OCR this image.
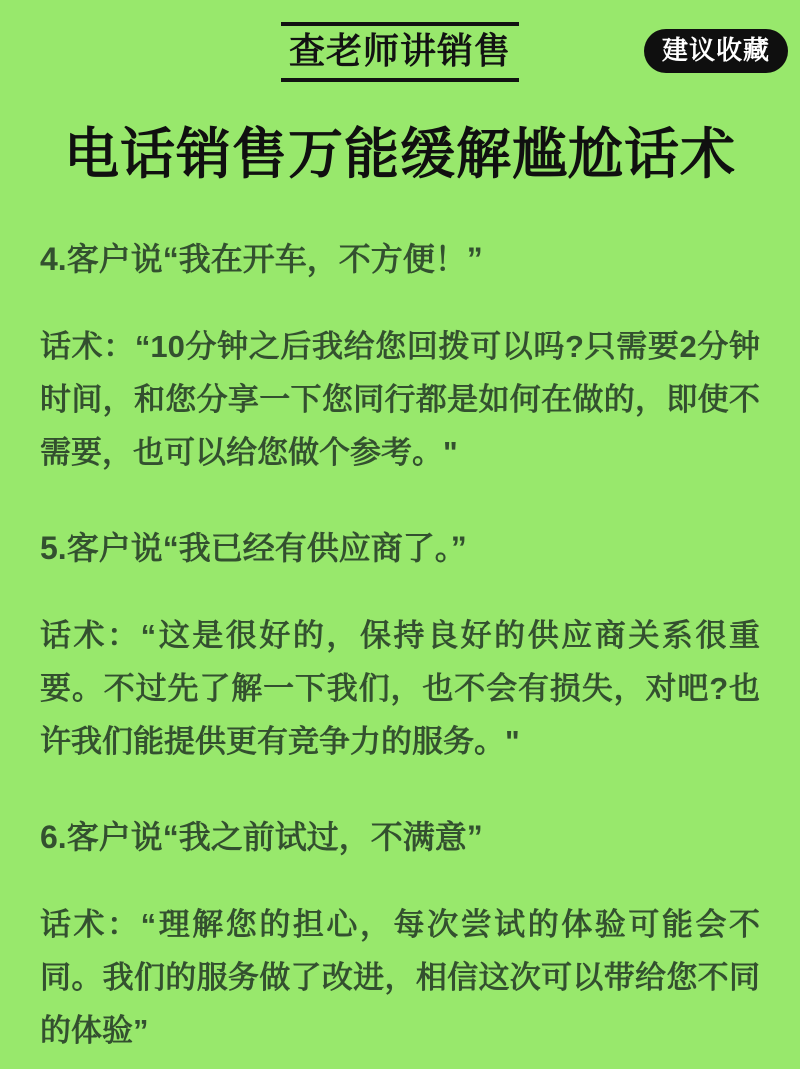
查老师讲销售	建议收藏
电话销售万能缓解尴尬话术
4.客户说“我在开车，不方便！”

话术：“10分钟之后我给您回拨可以吗?只需要2分钟时间，和您分享一下您同行都是如何在做的，即使不需要，也可以给您做个参考。"

5.客户说“我已经有供应商了。”

话术：“这是很好的，保持良好的供应商关系很重要。不过先了解一下我们，也不会有损失，对吧?也许我们能提供更有竞争力的服务。"

6.客户说“我之前试过，不满意”

话术：“理解您的担心，每次尝试的体验可能会不同。我们的服务做了改进，相信这次可以带给您不同的体验”
